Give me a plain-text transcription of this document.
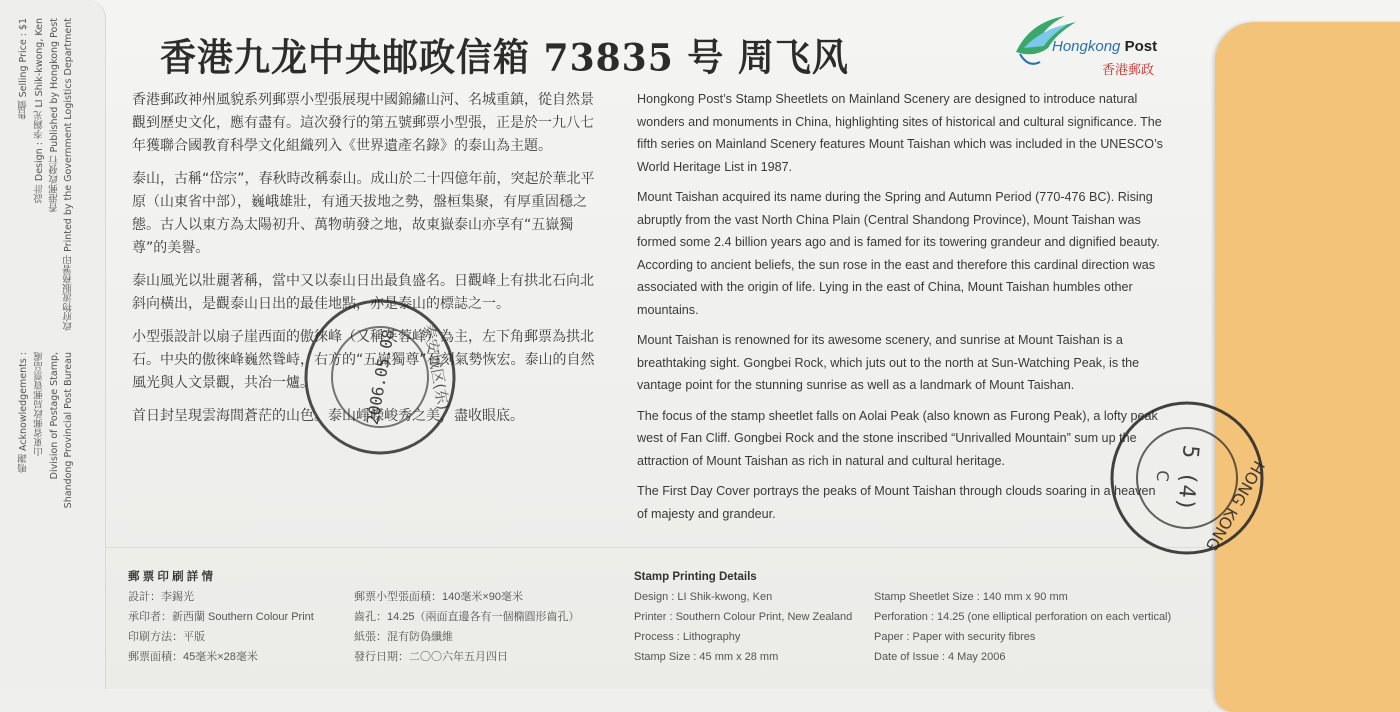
鳴謝 Acknowledgements : 山東省郵政局郵資票品處 Division of Postage Stamp, Shandong Provincial Post Bureau
售價 Selling Price : $1 設計 Design : 李錫光 LI Shik-kwong, Ken 香港郵政發行 Published by Hongkong Post 政府物流服務署印 Printed by the Government Logistics Department 香港九龙中央邮政信箱 73835 号 周飞风	Hongkong Post
香港郵政

香港郵政神州風貌系列郵票小型張展現中國錦繡山河、名城重鎮，從自然景觀到歷史文化，應有盡有。這次發行的第五號郵票小型張，正是於一九八七年獲聯合國教育科學文化組織列入《世界遺產名錄》的泰山為主題。

泰山，古稱“岱宗”，春秋時改稱泰山。成山於二十四億年前，突起於華北平原（山東省中部），巍峨雄壯，有通天拔地之勢，盤桓集聚，有厚重固穩之態。古人以東方為太陽初升、萬物萌發之地，故東嶽泰山亦享有“五嶽獨尊”的美譽。

泰山風光以壯麗著稱，當中又以泰山日出最負盛名。日觀峰上有拱北石向北斜向橫出，是觀泰山日出的最佳地點，亦是泰山的標誌之一。

小型張設計以扇子崖西面的傲徠峰（又稱芙蓉峰）為主，左下角郵票為拱北石。中央的傲徠峰巍然聳峙，右方的“五嶽獨尊”石刻氣勢恢宏。泰山的自然風光與人文景觀，共冶一爐。

首日封呈現雲海間蒼茫的山色。泰山崢嶸峻秀之美，盡收眼底。

Hongkong Post’s Stamp Sheetlets on Mainland Scenery are designed to introduce natural wonders and monuments in China, highlighting sites of historical and cultural significance. The fifth series on Mainland Scenery features Mount Taishan which was included in the UNESCO’s World Heritage List in 1987.

Mount Taishan acquired its name during the Spring and Autumn Period (770-476 BC). Rising abruptly from the vast North China Plain (Central Shandong Province), Mount Taishan was formed some 2.4 billion years ago and is famed for its towering grandeur and dignified beauty. According to ancient beliefs, the sun rose in the east and therefore this cardinal direction was associated with the origin of life. Lying in the east of China, Mount Taishan humbles other mountains.

Mount Taishan is renowned for its awesome scenery, and sunrise at Mount Taishan is a breathtaking sight. Gongbei Rock, which juts out to the north at Sun-Watching Peak, is the vantage point for the stunning sunrise as well as a landmark of Mount Taishan.

The focus of the stamp sheetlet falls on Aolai Peak (also known as Furong Peak), a lofty peak west of Fan Cliff. Gongbei Rock and the stone inscribed “Unrivalled Mountain” sum up the attraction of Mount Taishan as rich in natural and cultural heritage.

The First Day Cover portrays the peaks of Mount Taishan through clouds soaring in a heaven of majesty and grandeur.

郵 票 印 刷 詳 情
設計：李錫光
承印者：新西蘭 Southern Colour Print
印刷方法：平版
郵票面積：45毫米×28毫米
郵票小型張面積：140毫米×90毫米
齒孔：14.25（兩面直邊各有一個橢圓形齒孔）
紙張：混有防偽纖維
發行日期：二〇〇六年五月四日
Stamp Printing Details
Design : LI Shik-kwong, Ken
Printer : Southern Colour Print, New Zealand
Process : Lithography
Stamp Size : 45 mm x 28 mm
Stamp Sheetlet Size : 140 mm x 90 mm
Perforation : 14.25 (one elliptical perforation on each vertical)
Paper : Paper with security fibres
Date of Issue : 4 May 2006
2006.05.08 泰安城区(东)
HONG KONG
5 (4)
C
